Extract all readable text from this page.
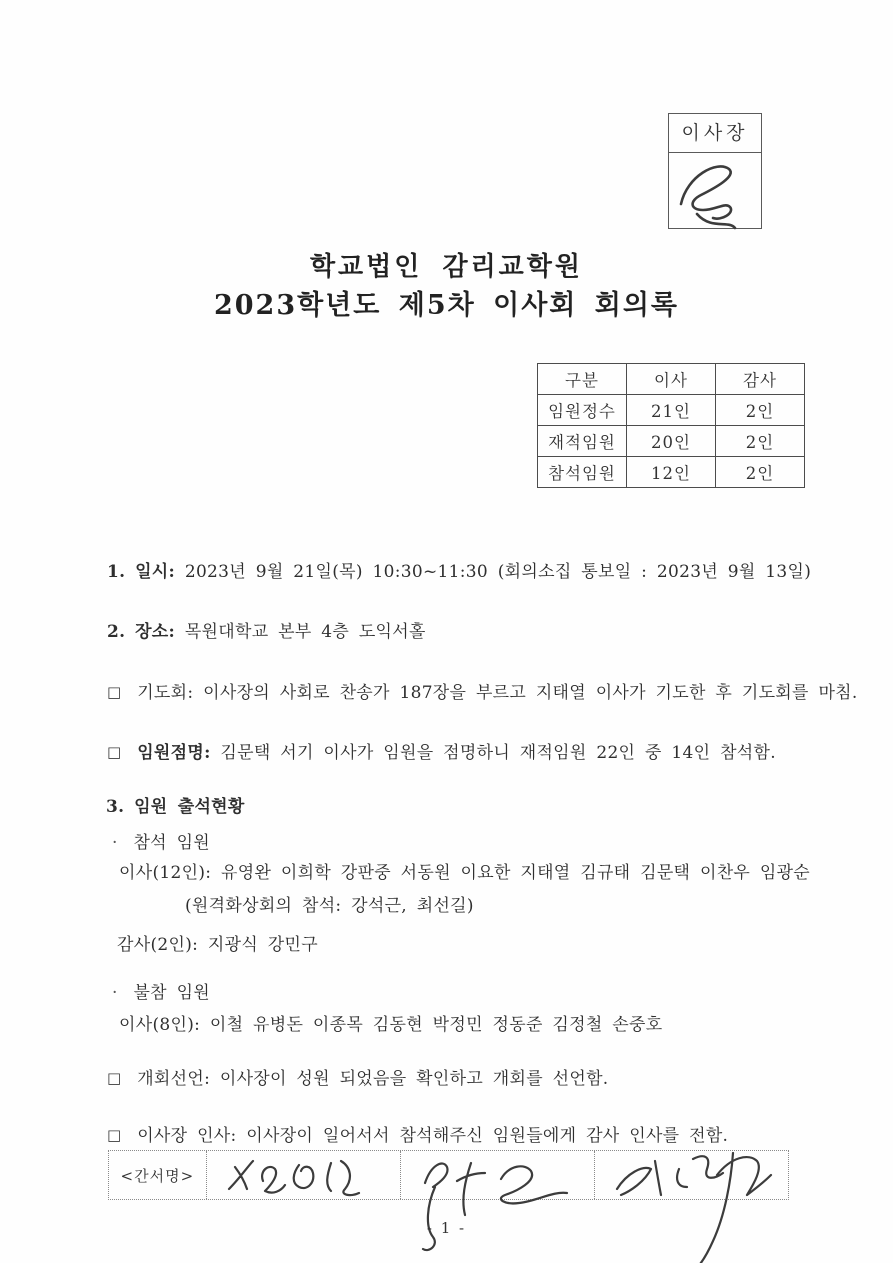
이사장
학교법인 감리교학원
2023학년도 제5차 이사회 회의록
구분	이사	감사
임원정수	21인	2인
재적임원	20인	2인
참석임원	12인	2인
1. 일시: 2023년 9월 21일(목) 10:30~11:30 (회의소집 통보일 : 2023년 9월 13일)
2. 장소: 목원대학교 본부 4층 도익서홀
□ 기도회: 이사장의 사회로 찬송가 187장을 부르고 지태열 이사가 기도한 후 기도회를 마침.
□ 임원점명: 김문택 서기 이사가 임원을 점명하니 재적임원 22인 중 14인 참석함.
3. 임원 출석현황
· 참석 임원
이사(12인): 유영완 이희학 강판중 서동원 이요한 지태열 김규태 김문택 이찬우 임광순
(원격화상회의 참석: 강석근, 최선길)
감사(2인): 지광식 강민구
· 불참 임원
이사(8인): 이철 유병돈 이종목 김동현 박정민 정동준 김정철 손중호
□ 개회선언: 이사장이 성원 되었음을 확인하고 개회를 선언함.
□ 이사장 인사: 이사장이 일어서서 참석해주신 임원들에게 감사 인사를 전함.
<간서명>
- 1 -
